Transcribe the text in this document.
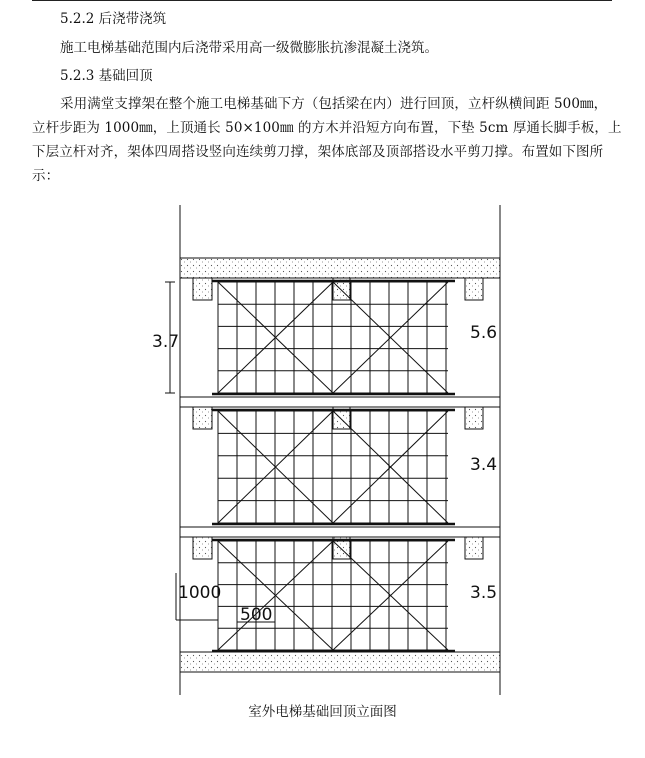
5.2.2 后浇带浇筑
施工电梯基础范围内后浇带采用高一级微膨胀抗渗混凝土浇筑。
5.2.3 基础回顶
采用满堂支撑架在整个施工电梯基础下方（包括梁在内）进行回顶，立杆纵横间距 500㎜，
立杆步距为 1000㎜，上顶通长 50×100㎜ 的方木并沿短方向布置，下垫 5cm 厚通长脚手板，上
下层立杆对齐，架体四周搭设竖向连续剪刀撑，架体底部及顶部搭设水平剪刀撑。布置如下图所
示：
3.7	5.6
3.4
3.5
1000
500
室外电梯基础回顶立面图
